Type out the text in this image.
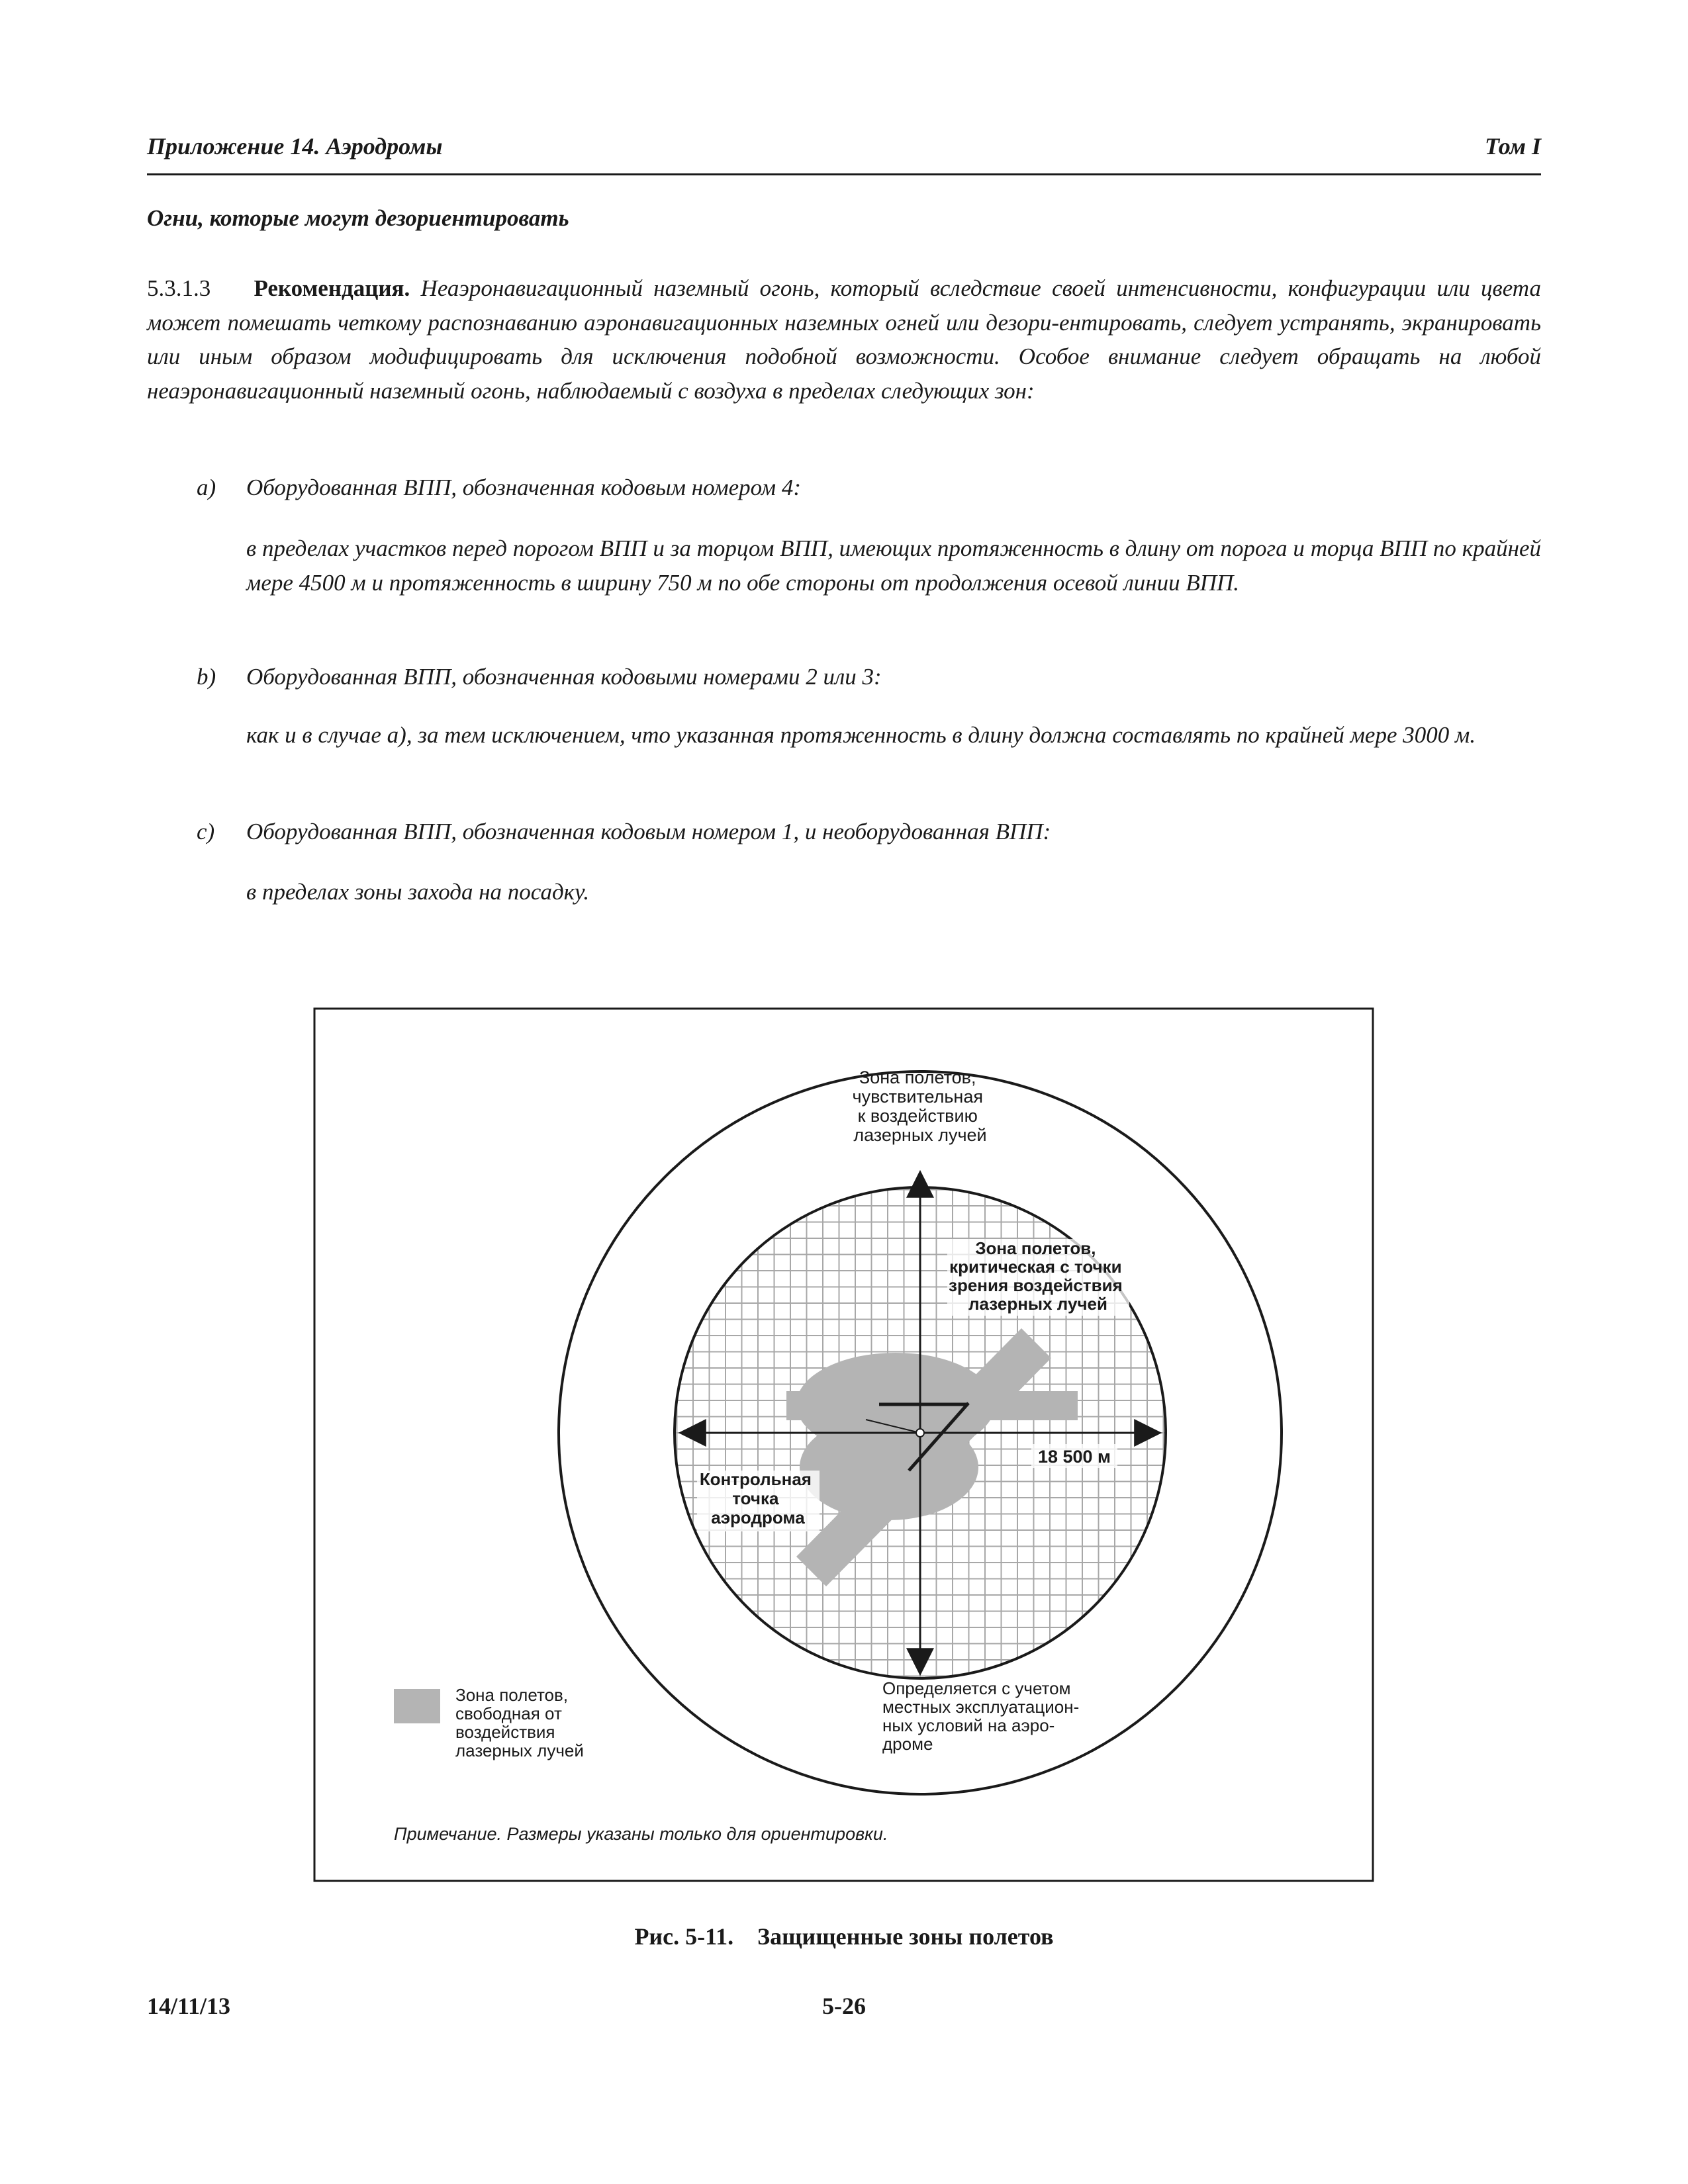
Приложение 14. Аэродромы	Том I
Огни, которые могут дезориентировать
5.3.1.3 Рекомендация. Неаэронавигационный наземный огонь, который вследствие своей интенсивности, конфигурации или цвета может помешать четкому распознаванию аэронавигационных наземных огней или дезори-ентировать, следует устранять, экранировать или иным образом модифицировать для исключения подобной возможности. Особое внимание следует обращать на любой неаэронавигационный наземный огонь, наблюдаемый с воздуха в пределах следующих зон:
a) Оборудованная ВПП, обозначенная кодовым номером 4:
в пределах участков перед порогом ВПП и за торцом ВПП, имеющих протяженность в длину от порога и торца ВПП по крайней мере 4500 м и протяженность в ширину 750 м по обе стороны от продолжения осевой линии ВПП.
b) Оборудованная ВПП, обозначенная кодовыми номерами 2 или 3:
как и в случае a), за тем исключением, что указанная протяженность в длину должна составлять по крайней мере 3000 м.
c) Оборудованная ВПП, обозначенная кодовым номером 1, и необорудованная ВПП:
в пределах зоны захода на посадку.
Зона полетов, чувствительная к воздействию лазерных лучей
Зона полетов, критическая с точки зрения воздействия лазерных лучей
18 500 м
Контрольная точка аэродрома
Зона полетов, свободная от воздействия лазерных лучей
Определяется с учетом местных эксплуатацион- ных условий на аэро- дроме
Примечание. Размеры указаны только для ориентировки.
Рис. 5-11. Защищенные зоны полетов
14/11/13	5-26
